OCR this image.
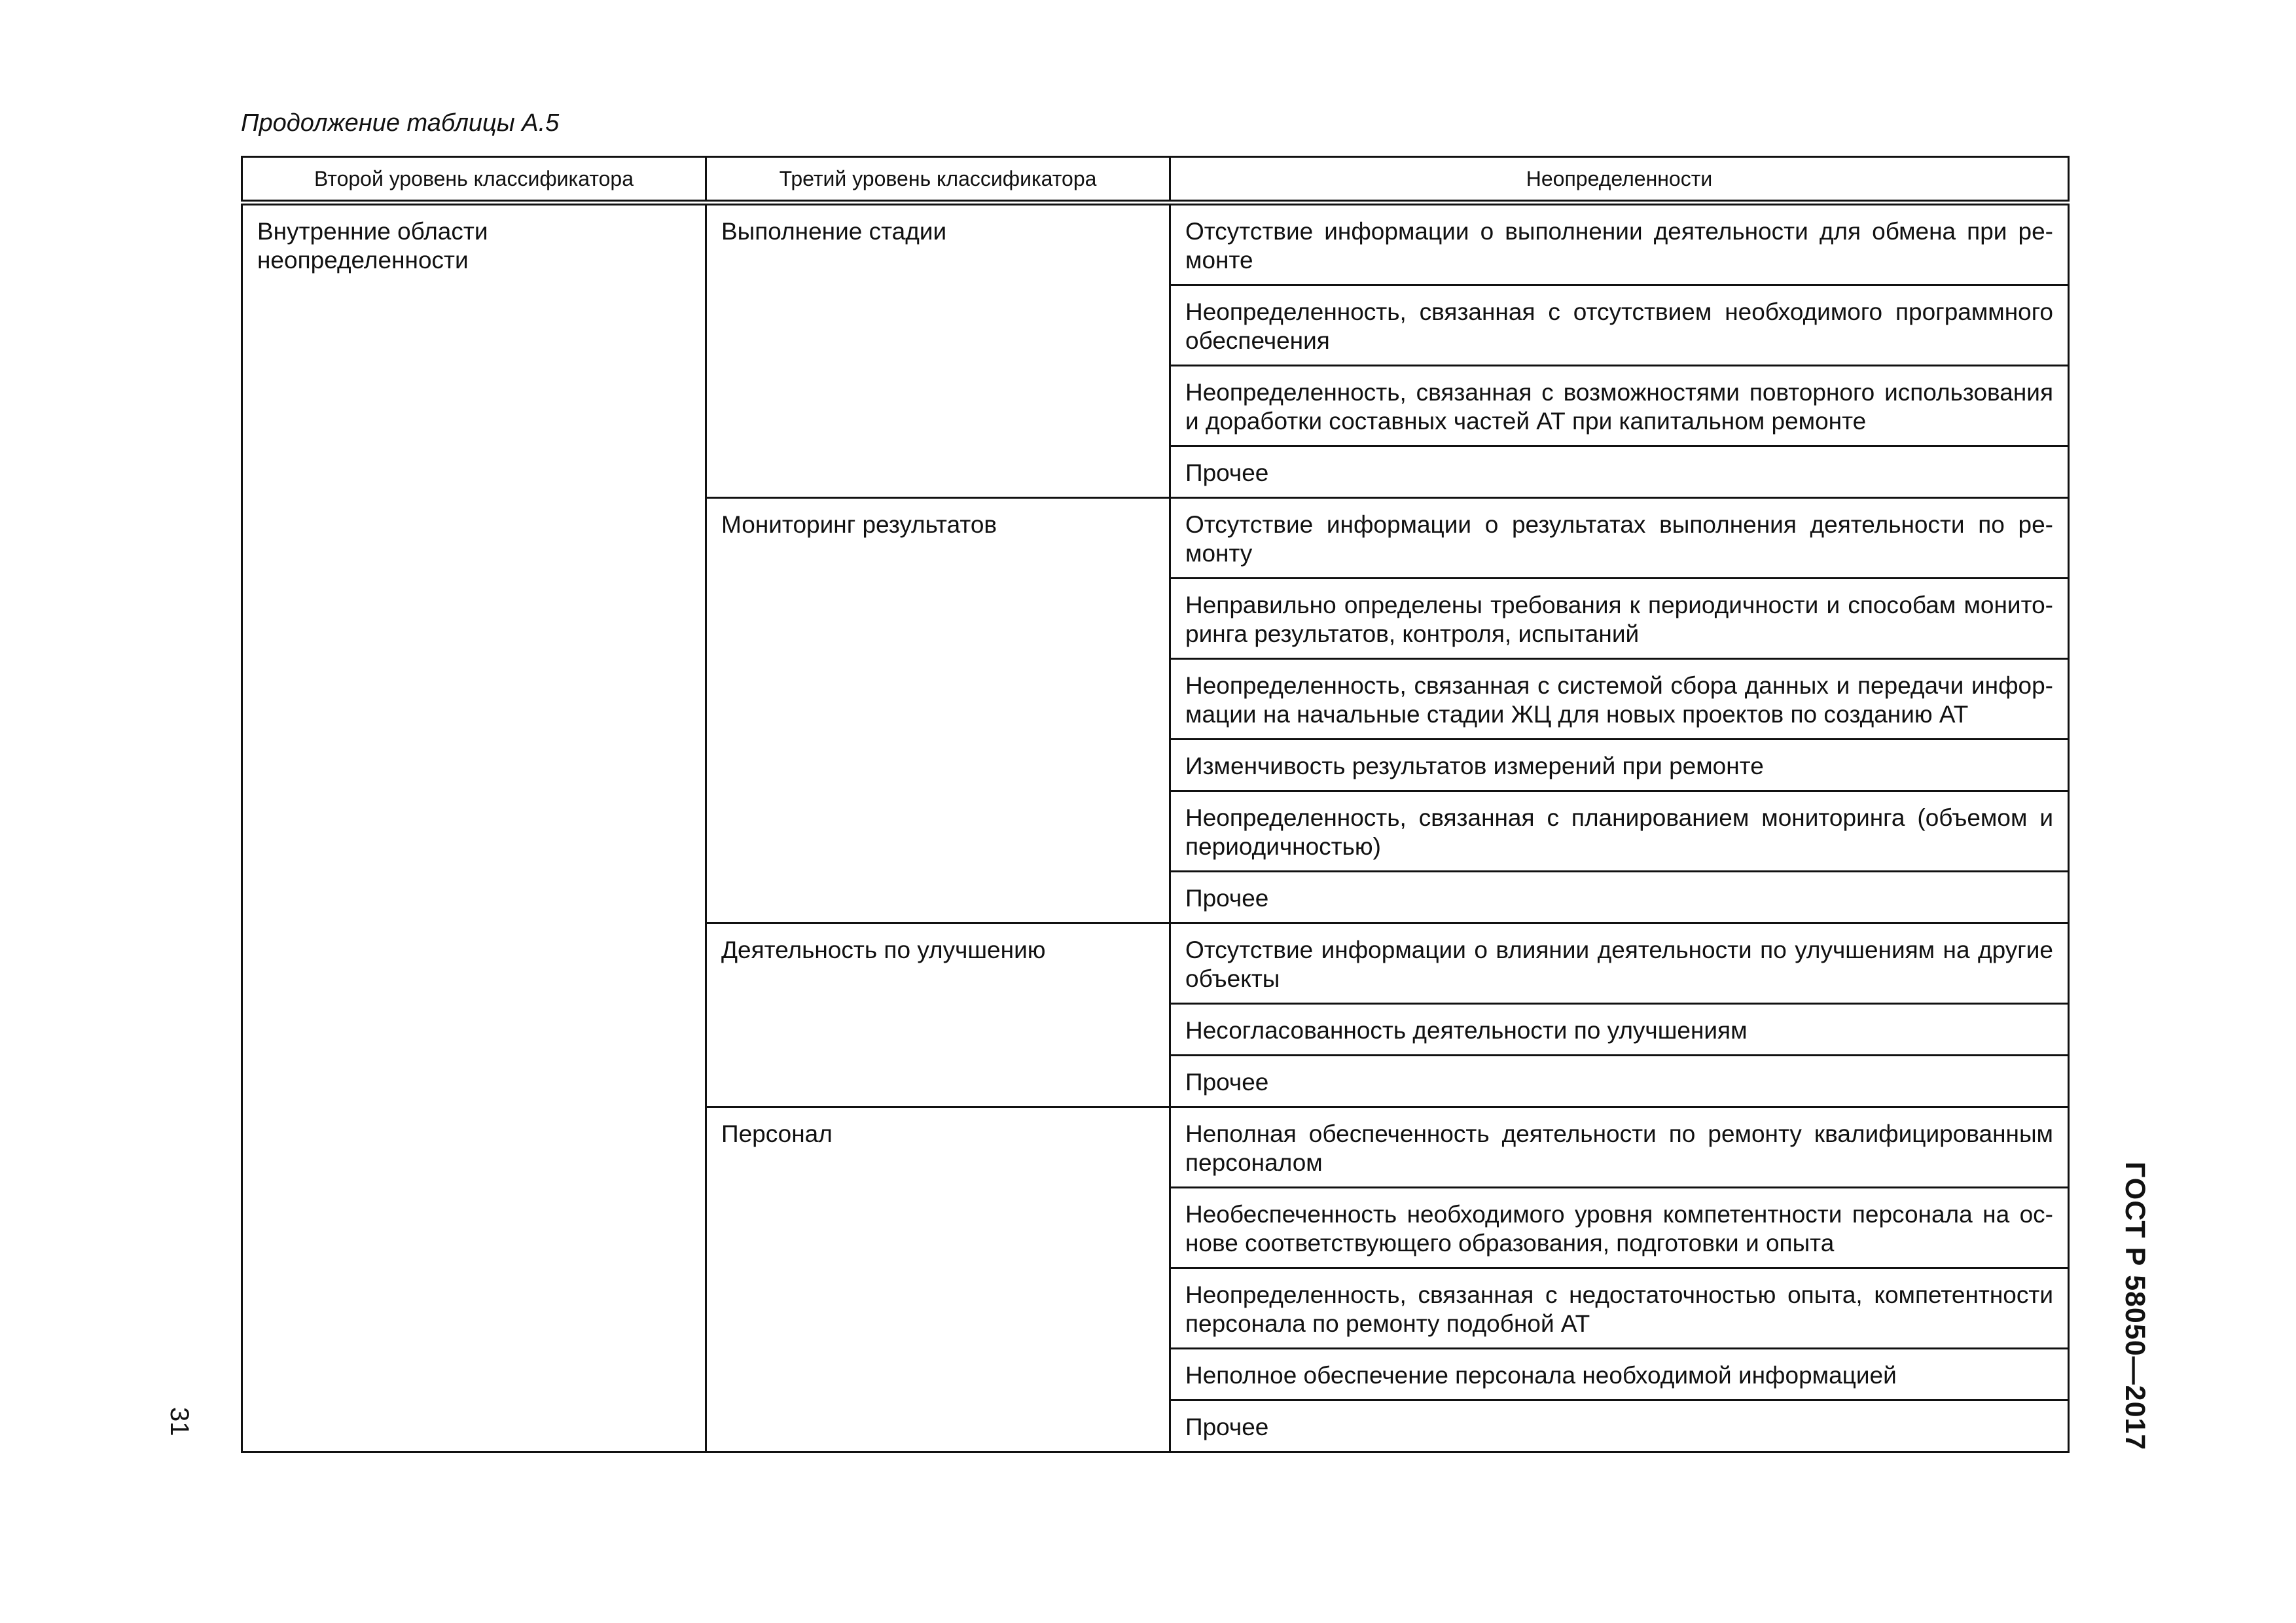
Продолжение таблицы А.5
Второй уровень классификатора	Третий уровень классификатора	Неопределенности

Внутренние области неопределенности	Выполнение стадии	Отсутствие информации о выполнении деятельности для обмена при ре-монте

		Неопределенность, связанная с отсутствием необходимого программного обеспечения

		Неопределенность, связанная с возможностями повторного использования и доработки составных частей АТ при капитальном ремонте

		Прочее

	Мониторинг результатов	Отсутствие информации о результатах выполнения деятельности по ре-монту

		Неправильно определены требования к периодичности и способам монито-ринга результатов, контроля, испытаний

		Неопределенность, связанная с системой сбора данных и передачи инфор-мации на начальные стадии ЖЦ для новых проектов по созданию АТ

		Изменчивость результатов измерений при ремонте

		Неопределенность, связанная с планированием мониторинга (объемом и периодичностью)

		Прочее

	Деятельность по улучшению	Отсутствие информации о влиянии деятельности по улучшениям на другие объекты

		Несогласованность деятельности по улучшениям

		Прочее

	Персонал	Неполная обеспеченность деятельности по ремонту квалифицированным персоналом

		Необеспеченность необходимого уровня компетентности персонала на ос-нове соответствующего образования, подготовки и опыта

		Неопределенность, связанная с недостаточностью опыта, компетентности персонала по ремонту подобной АТ

		Неполное обеспечение персонала необходимой информацией

		Прочее
31	ГОСТ Р 58050—2017
